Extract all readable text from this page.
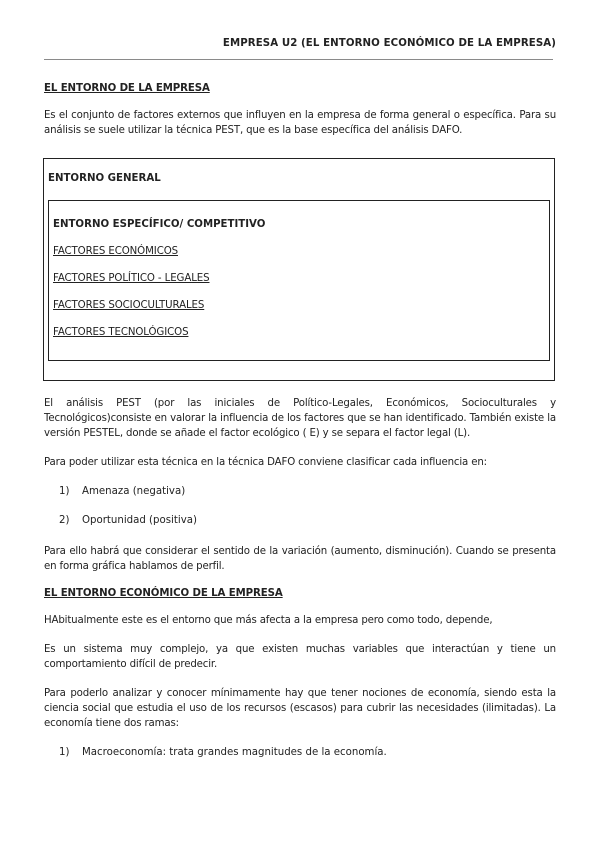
EMPRESA U2 (EL ENTORNO ECONÓMICO DE LA EMPRESA)
EL ENTORNO DE LA EMPRESA

Es el conjunto de factores externos que influyen en la empresa de forma general o específica. Para su análisis se suele utilizar la técnica PEST, que es la base específica del análisis DAFO.

ENTORNO GENERAL
ENTORNO ESPECÍFICO/ COMPETITIVO
FACTORES ECONÓMICOS
FACTORES POLÍTICO - LEGALES
FACTORES SOCIOCULTURALES
FACTORES TECNOLÓGICOS

El análisis PEST (por las iniciales de Político-Legales, Económicos, Socioculturales y Tecnológicos)consiste en valorar la influencia de los factores que se han identificado. También existe la versión PESTEL, donde se añade el factor ecológico ( E) y se separa el factor legal (L).

Para poder utilizar esta técnica en la técnica DAFO conviene clasificar cada influencia en:

1) Amenaza (negativa)
2) Oportunidad (positiva)

Para ello habrá que considerar el sentido de la variación (aumento, disminución). Cuando se presenta en forma gráfica hablamos de perfil.

EL ENTORNO ECONÓMICO DE LA EMPRESA

HAbitualmente este es el entorno que más afecta a la empresa pero como todo, depende,

Es un sistema muy complejo, ya que existen muchas variables que interactúan y tiene un comportamiento difícil de predecir.

Para poderlo analizar y conocer mínimamente hay que tener nociones de economía, siendo esta la ciencia social que estudia el uso de los recursos (escasos) para cubrir las necesidades (ilimitadas). La economía tiene dos ramas:

1) Macroeconomía: trata grandes magnitudes de la economía.
